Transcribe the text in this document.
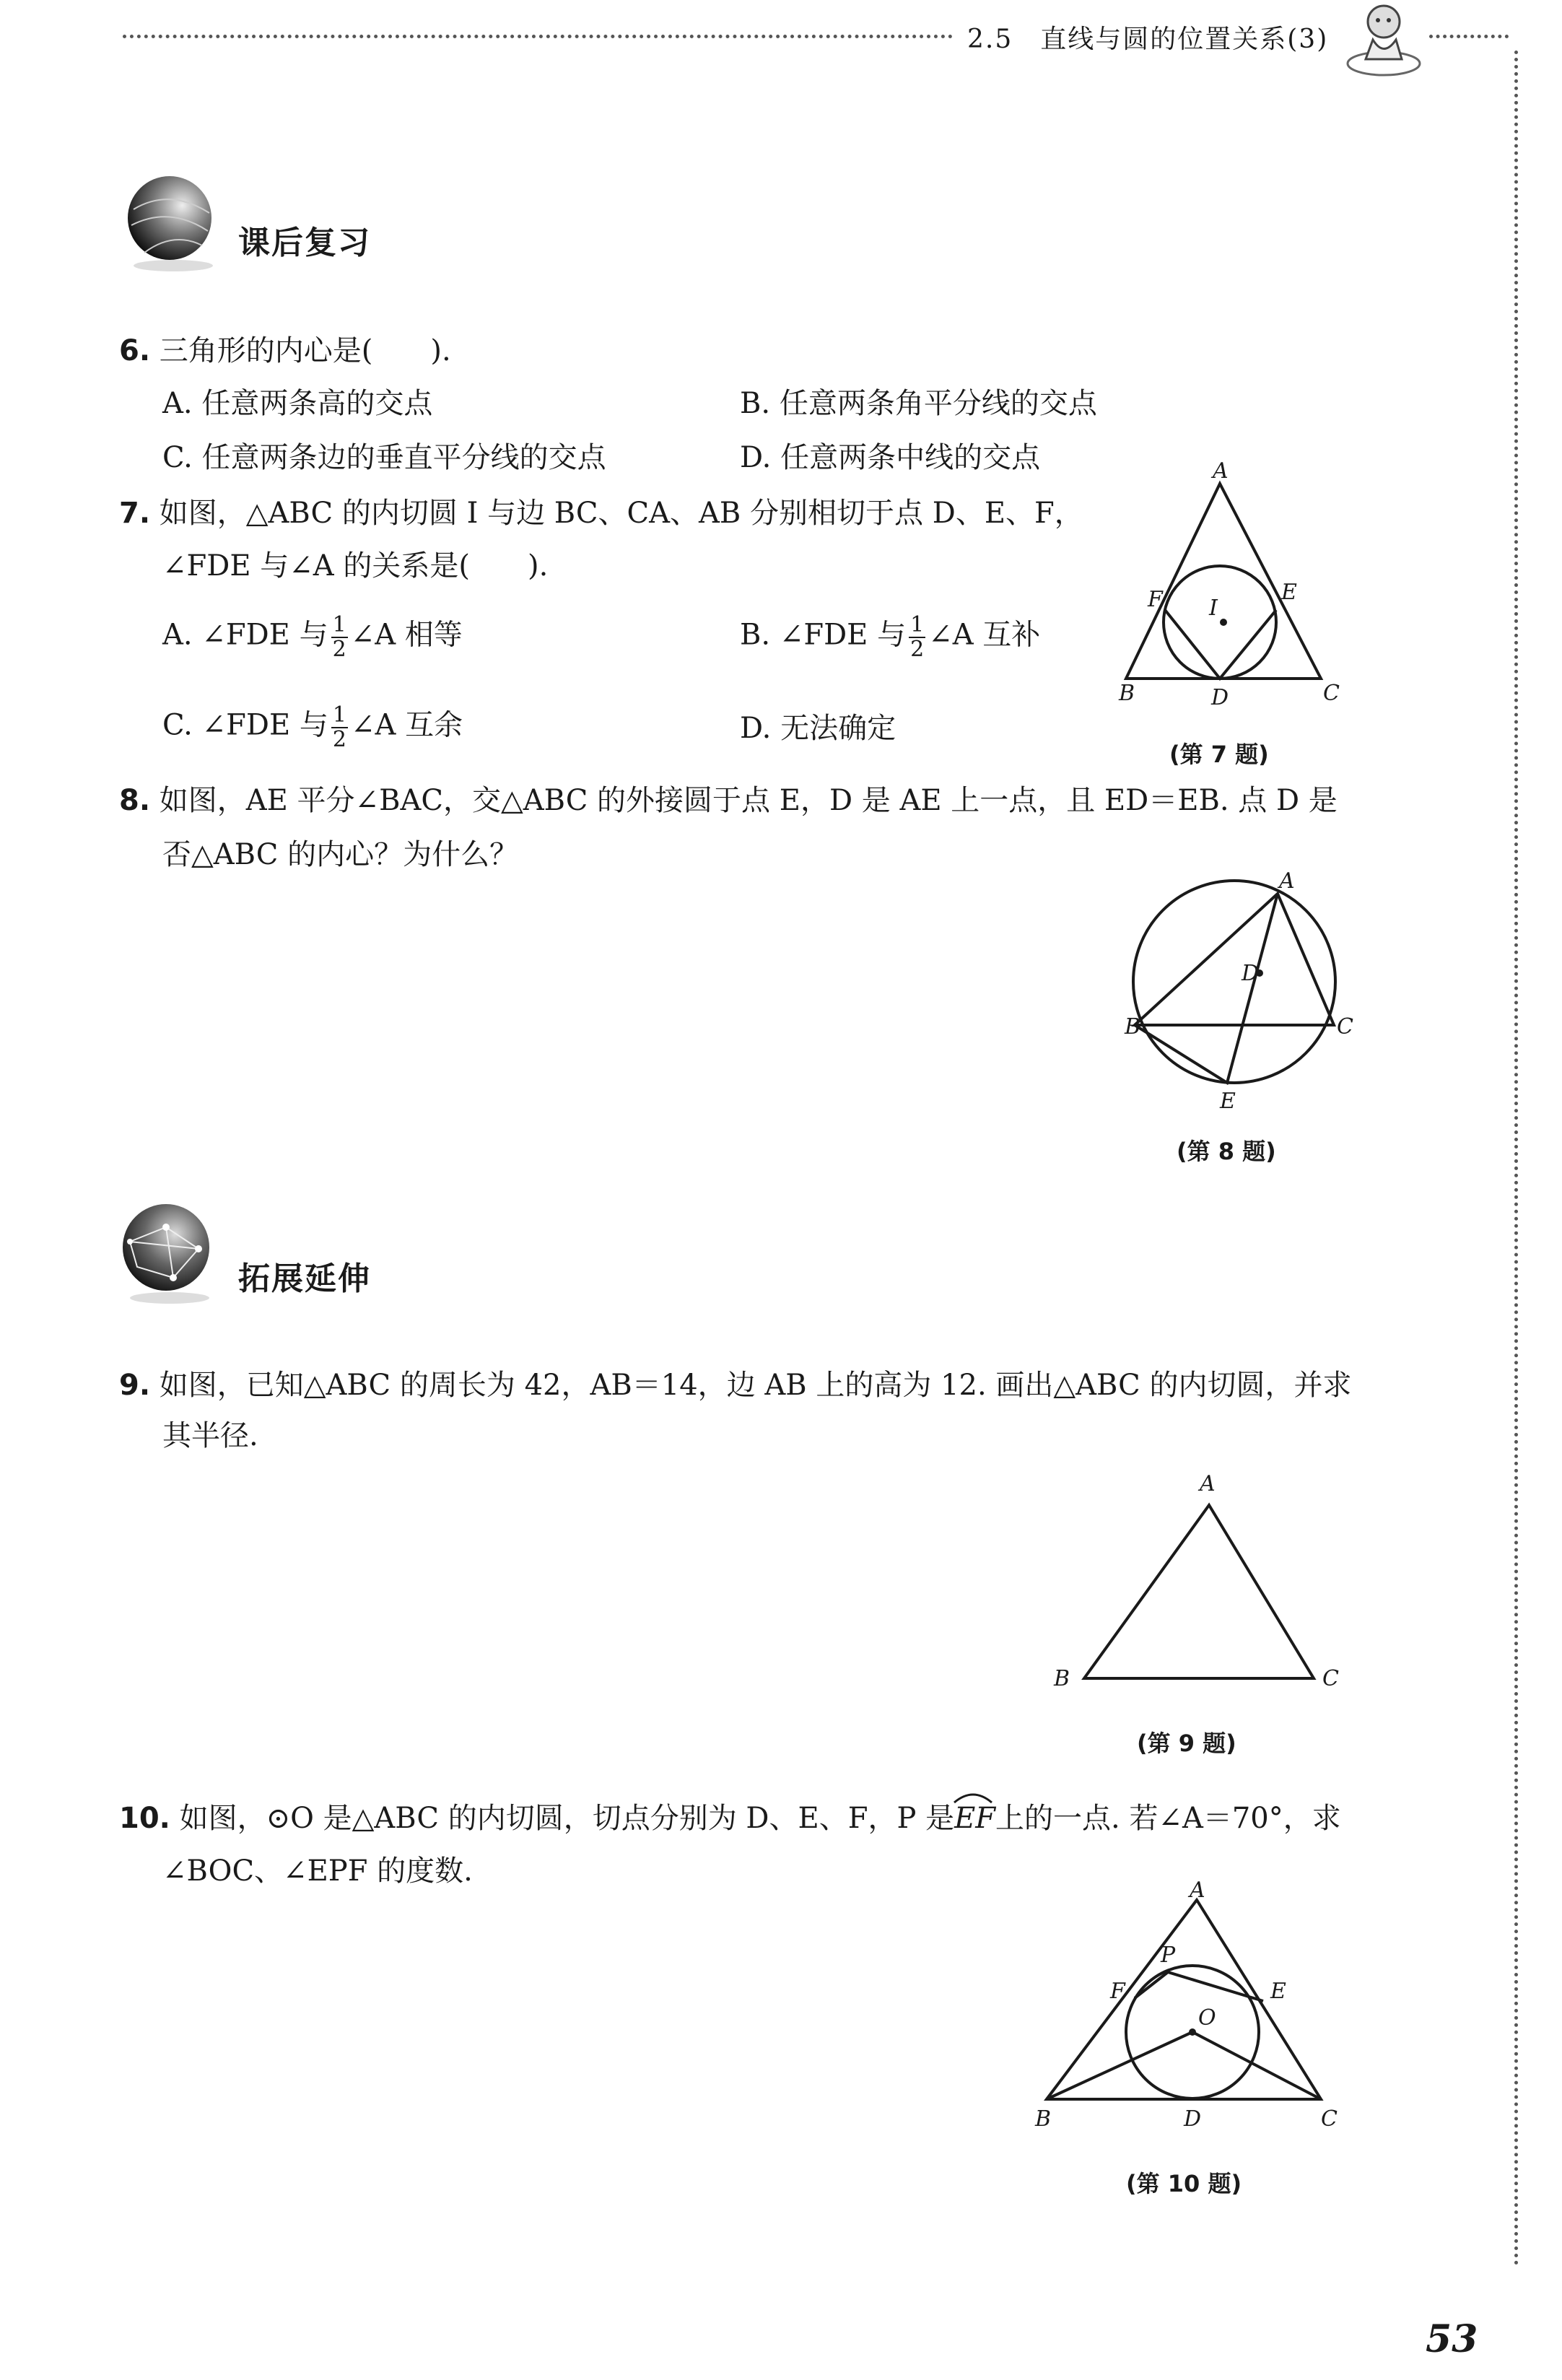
2.5　直线与圆的位置关系(3)
课后复习
6. 三角形的内心是(　　).
A. 任意两条高的交点	B. 任意两条角平分线的交点
C. 任意两条边的垂直平分线的交点	D. 任意两条中线的交点
7. 如图，△ABC 的内切圆 I 与边 BC、CA、AB 分别相切于点 D、E、F，
∠FDE 与∠A 的关系是(　　).
A. ∠FDE 与 $\frac{1}{2}$ ∠A 相等	B. ∠FDE 与 $\frac{1}{2}$ ∠A 互补
C. ∠FDE 与 $\frac{1}{2}$ ∠A 互余	D. 无法确定
A
B	C
D
E
F I
(第 7 题)
8. 如图，AE 平分∠BAC，交△ABC 的外接圆于点 E，D 是 AE 上一点，且 ED＝EB. 点 D 是
否△ABC 的内心？为什么？
A
B	C
D
E
(第 8 题)
拓展延伸
9. 如图，已知△ABC 的周长为 42，AB＝14，边 AB 上的高为 12. 画出△ABC 的内切圆，并求
其半径.
A
B	C
(第 9 题)
10. 如图，⊙O 是△ABC 的内切圆，切点分别为 D、E、F，P 是EF
上的一点. 若∠A＝70°，求
∠BOC、∠EPF 的度数.
A
B	C
D
E
F
O
P
(第 10 题)
53
